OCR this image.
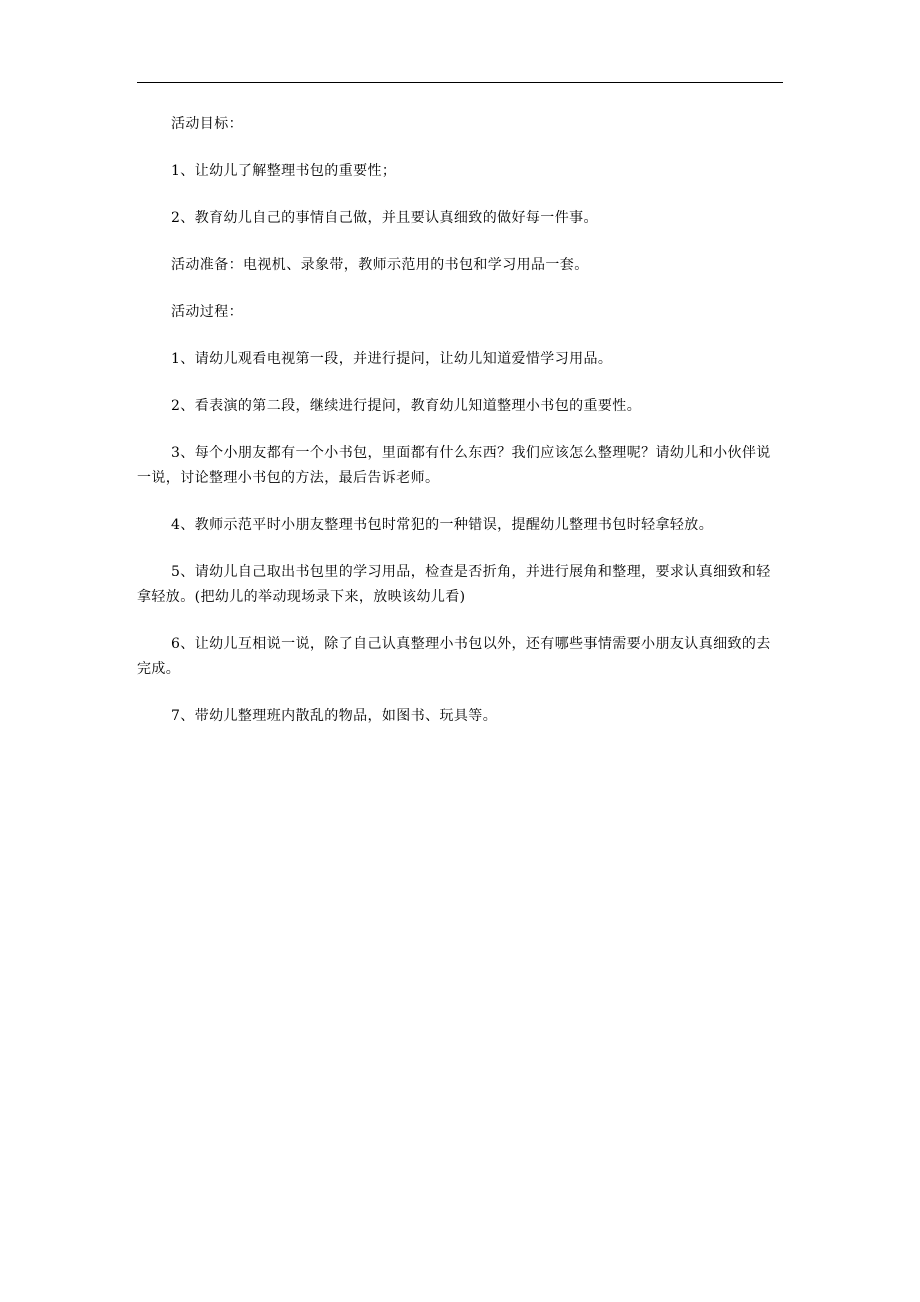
活动目标：

1、让幼儿了解整理书包的重要性；

2、教育幼儿自己的事情自己做，并且要认真细致的做好每一件事。

活动准备：电视机、录象带，教师示范用的书包和学习用品一套。

活动过程：

1、请幼儿观看电视第一段，并进行提问，让幼儿知道爱惜学习用品。

2、看表演的第二段，继续进行提问，教育幼儿知道整理小书包的重要性。

3、每个小朋友都有一个小书包，里面都有什么东西？我们应该怎么整理呢？请幼儿和小伙伴说一说，讨论整理小书包的方法，最后告诉老师。

4、教师示范平时小朋友整理书包时常犯的一种错误，提醒幼儿整理书包时轻拿轻放。

5、请幼儿自己取出书包里的学习用品，检查是否折角，并进行展角和整理，要求认真细致和轻拿轻放。(把幼儿的举动现场录下来，放映该幼儿看)

6、让幼儿互相说一说，除了自己认真整理小书包以外，还有哪些事情需要小朋友认真细致的去完成。

7、带幼儿整理班内散乱的物品，如图书、玩具等。
